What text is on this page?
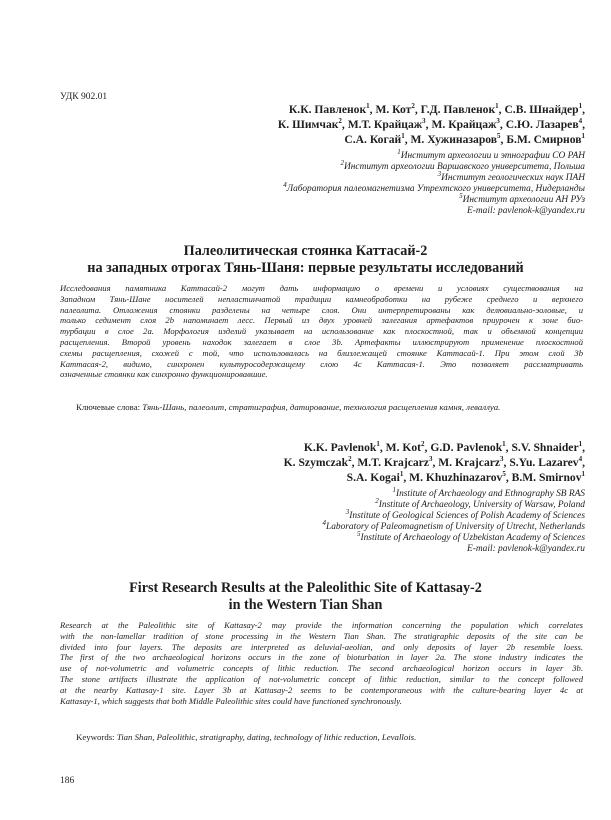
УДК 902.01
К.К. Павленок$^1$, М. Кот$^2$, Г.Д. Павленок$^1$, С.В. Шнайдер$^1$,
К. Шимчак$^2$, М.Т. Крайцаж$^3$, М. Крайцаж$^3$, С.Ю. Лазарев$^4$,
С.А. Когай$^1$, М. Хужиназаров$^5$, Б.М. Смирнов$^1$
$^1$Институт археологии и этнографии СО РАН
$^2$Институт археологии Варшавского университета, Польша
$^3$Институт геологических наук ПАН
$^4$Лаборатория палеомагнетизма Утрехтского университета, Нидерланды
$^5$Институт археологии АН РУз
E-mail: pavlenok-k@yandex.ru
Палеолитическая стоянка Каттасай-2
на западных отрогах Тянь-Шаня: первые результаты исследований
Исследования памятника Каттасай-2 могут дать информацию о времени и условиях существования на
Западном Тянь-Шане носителей непластинчатой традиции камнеобработки на рубеже среднего и верхнего
палеолита. Отложения стоянки разделены на четыре слоя. Они интерпретированы как делювиально-эоловые, и
только седимент слоя 2b напоминает лесс. Первый из двух уровней залегания артефактов приурочен к зоне био-
турбации в слое 2a. Морфология изделий указывает на использование как плоскостной, так и объемной концепции
расщепления. Второй уровень находок залегает в слое 3b. Артефакты иллюстрируют применение плоскостной
схемы расщепления, схожей с той, что использовалась на близлежащей стоянке Каттасай-1. При этом слой 3b
Каттасая-2, видимо, синхронен культуросодержащему слою 4с Каттасая-1. Это позволяет рассматривать
означенные стоянки как синхронно функционировавшие.
Ключевые слова: Тянь-Шань, палеолит, стратиграфия, датирование, технология расщепления камня, леваллуа.
K.K. Pavlenok$^1$, M. Kot$^2$, G.D. Pavlenok$^1$, S.V. Shnaider$^1$,
K. Szymczak$^2$, M.T. Krajcarz$^3$, M. Krajcarz$^3$, S.Yu. Lazarev$^4$,
S.A. Kogai$^1$, M. Khuzhinazarov$^5$, B.M. Smirnov$^1$
$^1$Institute of Archaeology and Ethnography SB RAS
$^2$Institute of Archaeology, University of Warsaw, Poland
$^3$Institute of Geological Sciences of Polish Academy of Sciences
$^4$Laboratory of Paleomagnetism of University of Utrecht, Netherlands
$^5$Institute of Archaeology of Uzbekistan Academy of Sciences
E-mail: pavlenok-k@yandex.ru
First Research Results at the Paleolithic Site of Kattasay-2
in the Western Tian Shan
Research at the Paleolithic site of Kattasay-2 may provide the information concerning the population which correlates
with the non-lamellar tradition of stone processing in the Western Tian Shan. The stratigraphic deposits of the site can be
divided into four layers. The deposits are interpreted as deluvial-aeolian, and only deposits of layer 2b resemble loess.
The first of the two archaeological horizons occurs in the zone of bioturbation in layer 2a. The stone industry indicates the
use of not-volumetric and volumetric concepts of lithic reduction. The second archaeological horizon occurs in layer 3b.
The stone artifacts illustrate the application of not-volumetric concept of lithic reduction, similar to the concept followed
at the nearby Kattasay-1 site. Layer 3b at Kattasay-2 seems to be contemporaneous with the culture-bearing layer 4c at
Kattasay-1, which suggests that both Middle Paleolithic sites could have functioned synchronously.
Keywords: Tian Shan, Paleolithic, stratigraphy, dating, technology of lithic reduction, Levallois.
186
